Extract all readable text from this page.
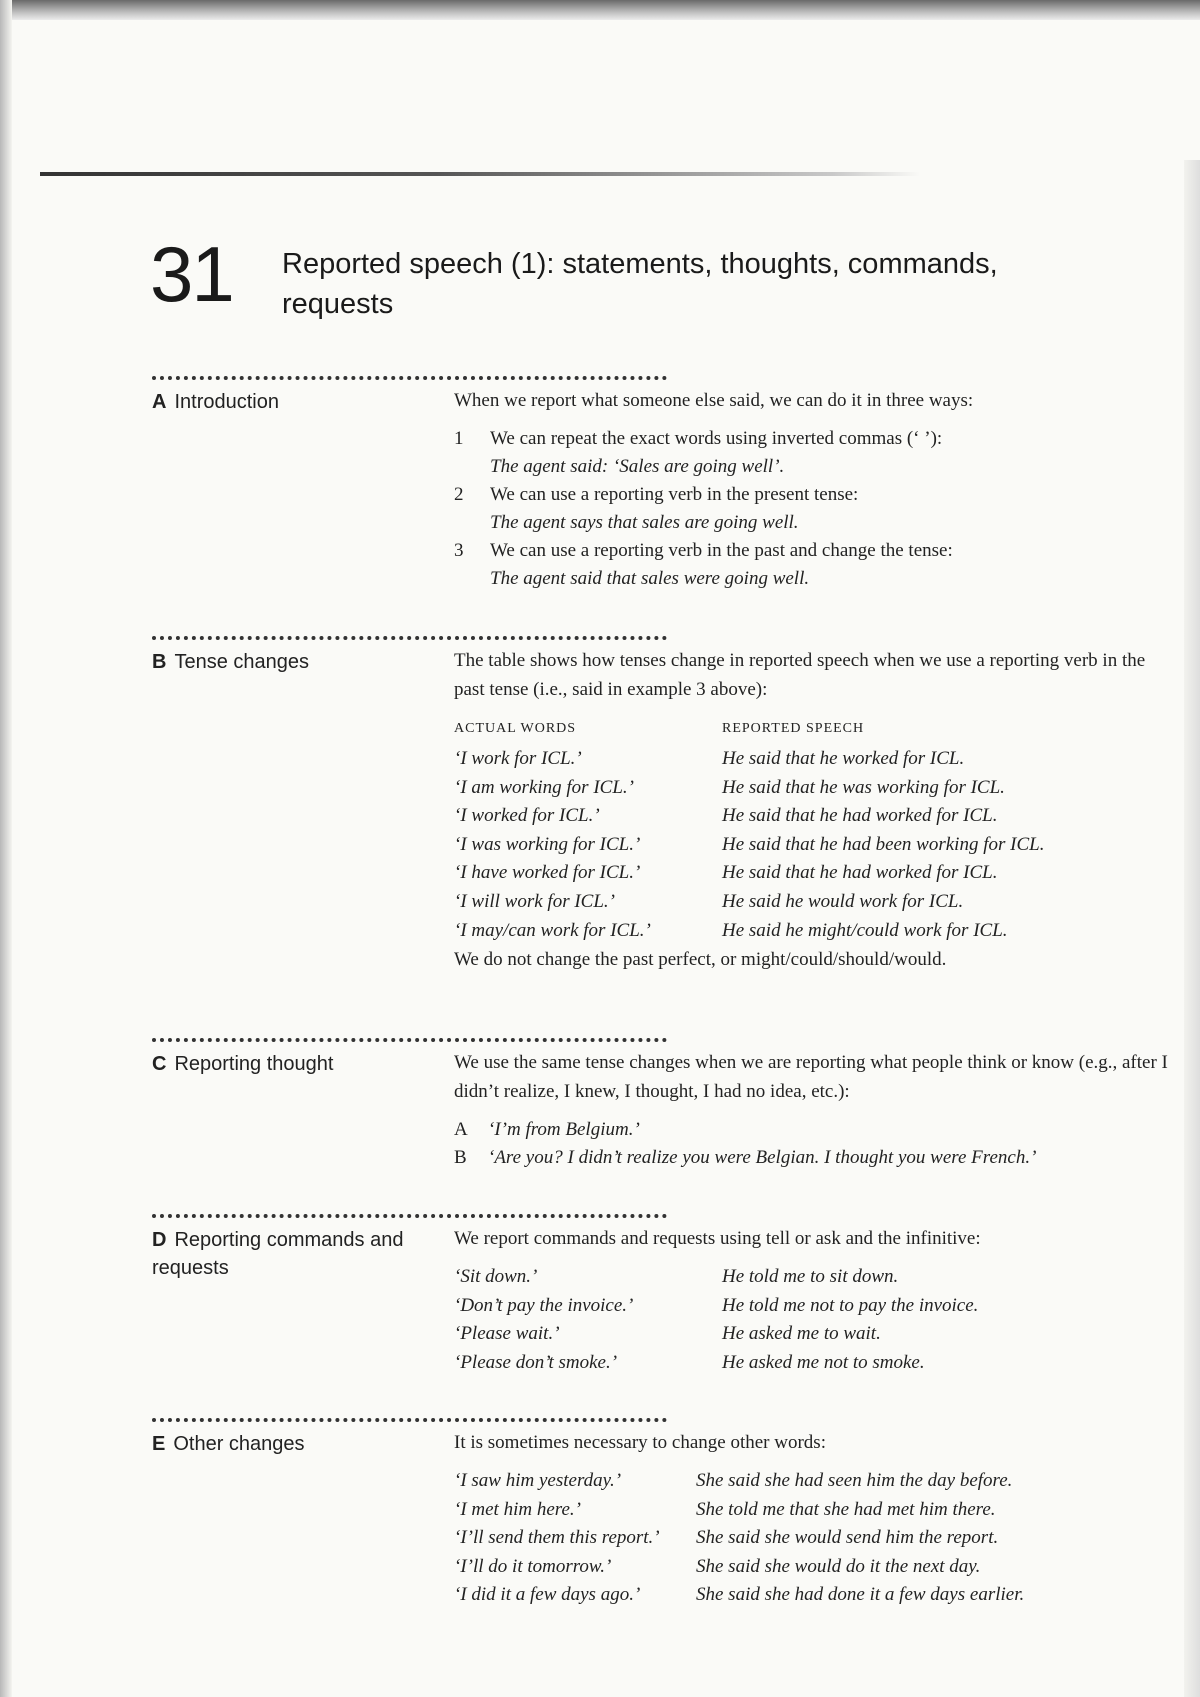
31 Reported speech (1): statements, thoughts, commands, requests
A Introduction	When we report what someone else said, we can do it in three ways:

1 We can repeat the exact words using inverted commas (‘ ’):
The agent said: ‘Sales are going well’.
2 We can use a reporting verb in the present tense:
The agent says that sales are going well.
3 We can use a reporting verb in the past and change the tense:
The agent said that sales were going well.
B Tense changes	The table shows how tenses change in reported speech when we use a reporting verb in the past tense (i.e., said in example 3 above):

ACTUAL WORDS	REPORTED SPEECH
‘I work for ICL.’	He said that he worked for ICL.
‘I am working for ICL.’	He said that he was working for ICL.
‘I worked for ICL.’	He said that he had worked for ICL.
‘I was working for ICL.’	He said that he had been working for ICL.
‘I have worked for ICL.’	He said that he had worked for ICL.
‘I will work for ICL.’	He said he would work for ICL.
‘I may/can work for ICL.’	He said he might/could work for ICL.

We do not change the past perfect, or might/could/should/would.

C Reporting thought	We use the same tense changes when we are reporting what people think or know (e.g., after I didn’t realize, I knew, I thought, I had no idea, etc.):

A	‘I’m from Belgium.’
B	‘Are you? I didn’t realize you were Belgian. I thought you were French.’
D Reporting commands and requests

We report commands and requests using tell or ask and the infinitive:

‘Sit down.’	He told me to sit down.
‘Don’t pay the invoice.’	He told me not to pay the invoice.
‘Please wait.’	He asked me to wait.
‘Please don’t smoke.’	He asked me not to smoke.
E Other changes	It is sometimes necessary to change other words:

‘I saw him yesterday.’	She said she had seen him the day before.
‘I met him here.’	She told me that she had met him there.
‘I’ll send them this report.’	She said she would send him the report.
‘I’ll do it tomorrow.’	She said she would do it the next day.
‘I did it a few days ago.’	She said she had done it a few days earlier.
